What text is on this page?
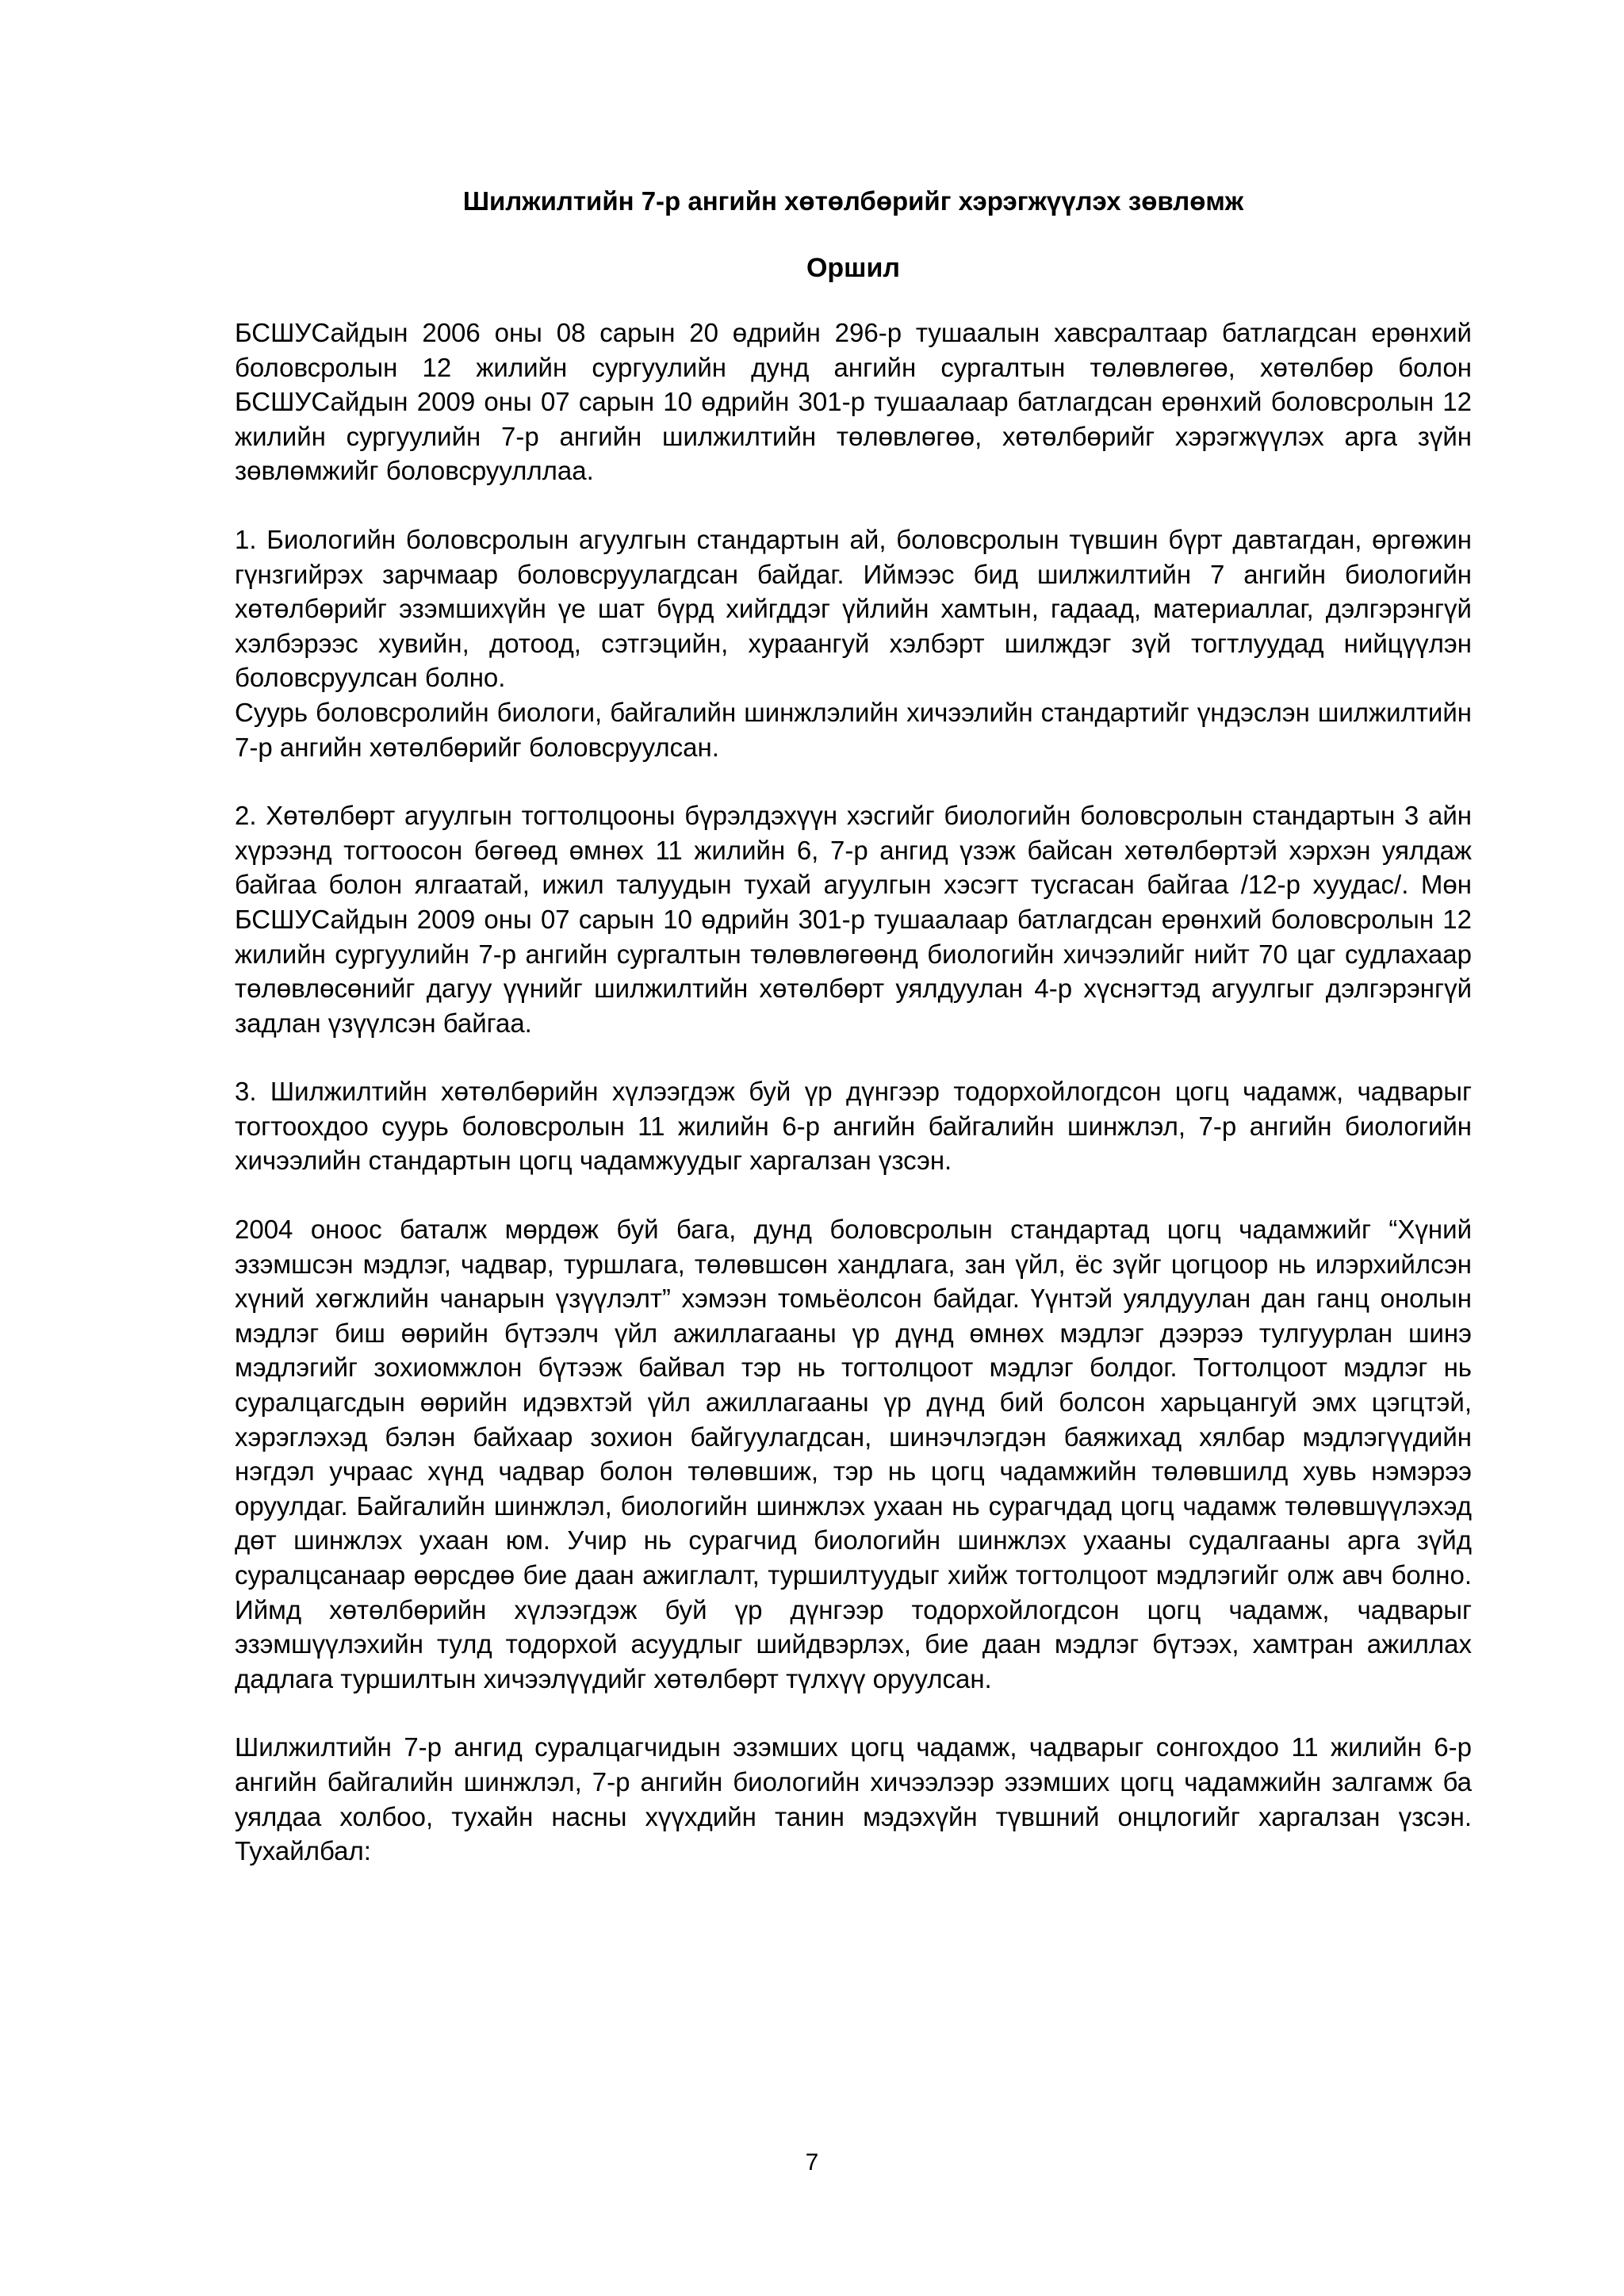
Шилжилтийн 7-р ангийн хөтөлбөрийг хэрэгжүүлэх зөвлөмж
Оршил
БСШУСайдын 2006 оны 08 сарын 20 өдрийн 296-р тушаалын хавсралтаар батлагдсан ерөнхий боловсролын 12 жилийн сургуулийн дунд ангийн сургалтын төлөвлөгөө, хөтөлбөр болон БСШУСайдын 2009 оны 07 сарын 10 өдрийн 301-р тушаалаар батлагдсан ерөнхий боловсролын 12 жилийн сургуулийн 7-р ангийн шилжилтийн төлөвлөгөө, хөтөлбөрийг хэрэгжүүлэх арга зүйн зөвлөмжийг боловсруулллаа.
1. Биологийн боловсролын агуулгын стандартын ай, боловсролын түвшин бүрт давтагдан, өргөжин гүнзгийрэх зарчмаар боловсруулагдсан байдаг. Иймээс бид шилжилтийн 7 ангийн биологийн хөтөлбөрийг эзэмшихүйн үе шат бүрд хийгддэг үйлийн хамтын, гадаад, материаллаг, дэлгэрэнгүй хэлбэрээс хувийн, дотоод, сэтгэцийн, хураангуй хэлбэрт шилждэг зүй тогтлуудад нийцүүлэн боловсруулсан болно.
Суурь боловсролийн биологи, байгалийн шинжлэлийн хичээлийн стандартийг үндэслэн шилжилтийн 7-р ангийн хөтөлбөрийг боловсруулсан.
2. Хөтөлбөрт агуулгын тогтолцооны бүрэлдэхүүн хэсгийг биологийн боловсролын стандартын 3 айн хүрээнд тогтоосон бөгөөд өмнөх 11 жилийн 6, 7-р ангид үзэж байсан хөтөлбөртэй хэрхэн уялдаж байгаа болон ялгаатай, ижил талуудын тухай агуулгын хэсэгт тусгасан байгаа /12-р хуудас/. Мөн БСШУСайдын 2009 оны 07 сарын 10 өдрийн 301-р тушаалаар батлагдсан ерөнхий боловсролын 12 жилийн сургуулийн 7-р ангийн сургалтын төлөвлөгөөнд биологийн хичээлийг нийт 70 цаг судлахаар төлөвлөсөнийг дагуу үүнийг шилжилтийн хөтөлбөрт уялдуулан 4-р хүснэгтэд агуулгыг дэлгэрэнгүй задлан үзүүлсэн байгаа.
3. Шилжилтийн хөтөлбөрийн хүлээгдэж буй үр дүнгээр тодорхойлогдсон цогц чадамж, чадварыг тогтоохдоо суурь боловсролын 11 жилийн 6-р ангийн байгалийн шинжлэл, 7-р ангийн биологийн хичээлийн стандартын цогц чадамжуудыг харгалзан үзсэн.
2004 оноос баталж мөрдөж буй бага, дунд боловсролын стандартад цогц чадамжийг “Хүний эзэмшсэн мэдлэг, чадвар, туршлага, төлөвшсөн хандлага, зан үйл, ёс зүйг цогцоор нь илэрхийлсэн хүний хөгжлийн чанарын үзүүлэлт” хэмээн томьёолсон байдаг. Үүнтэй уялдуулан дан ганц онолын мэдлэг биш өөрийн бүтээлч үйл ажиллагааны үр дүнд өмнөх мэдлэг дээрээ тулгуурлан шинэ мэдлэгийг зохиомжлон бүтээж байвал тэр нь тогтолцоот мэдлэг болдог. Тогтолцоот мэдлэг нь суралцагсдын өөрийн идэвхтэй үйл ажиллагааны үр дүнд бий болсон харьцангуй эмх цэгцтэй, хэрэглэхэд бэлэн байхаар зохион байгуулагдсан, шинэчлэгдэн баяжихад хялбар мэдлэгүүдийн нэгдэл учраас хүнд чадвар болон төлөвшиж, тэр нь цогц чадамжийн төлөвшилд хувь нэмэрээ оруулдаг. Байгалийн шинжлэл, биологийн шинжлэх ухаан нь сурагчдад цогц чадамж төлөвшүүлэхэд дөт шинжлэх ухаан юм. Учир нь сурагчид биологийн шинжлэх ухааны судалгааны арга зүйд суралцсанаар өөрсдөө бие даан ажиглалт, туршилтуудыг хийж тогтолцоот мэдлэгийг олж авч болно. Иймд хөтөлбөрийн хүлээгдэж буй үр дүнгээр тодорхойлогдсон цогц чадамж, чадварыг эзэмшүүлэхийн тулд тодорхой асуудлыг шийдвэрлэх, бие даан мэдлэг бүтээх, хамтран ажиллах дадлага туршилтын хичээлүүдийг хөтөлбөрт түлхүү оруулсан.
Шилжилтийн 7-р ангид суралцагчидын эзэмших цогц чадамж, чадварыг сонгохдоо 11 жилийн 6-р ангийн байгалийн шинжлэл, 7-р ангийн биологийн хичээлээр эзэмших цогц чадамжийн залгамж ба уялдаа холбоо, тухайн насны хүүхдийн танин мэдэхүйн түвшний онцлогийг харгалзан үзсэн. Тухайлбал:
7
